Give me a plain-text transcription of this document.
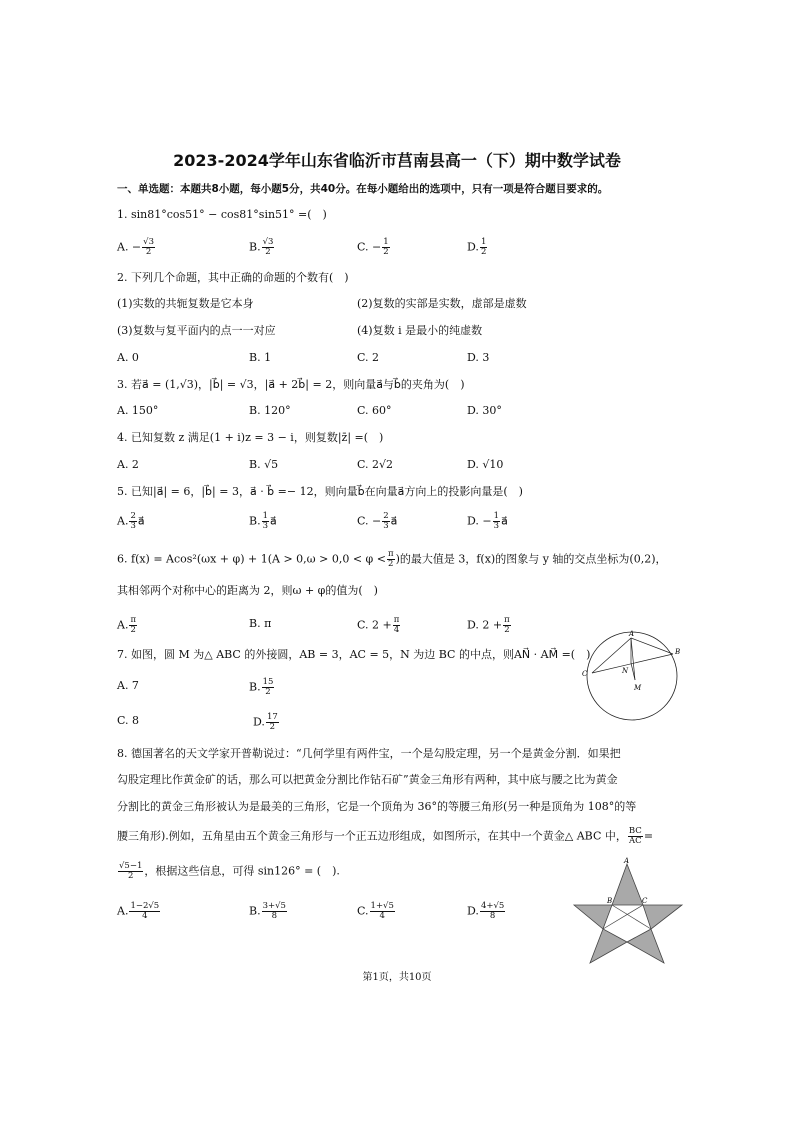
2023-2024学年山东省临沂市莒南县高一（下）期中数学试卷
一、单选题：本题共8小题，每小题5分，共40分。在每小题给出的选项中，只有一项是符合题目要求的。
1. sin81°cos51° − cos81°sin51° =(　)
A. − $\frac{√3}{2}$	B. $\frac{√3}{2}$	C. − $\frac{1}{2}$	D. $\frac{1}{2}$
2. 下列几个命题，其中正确的命题的个数有(　)
(1)实数的共轭复数是它本身	(2)复数的实部是实数，虚部是虚数
(3)复数与复平面内的点一一对应	(4)复数 i 是最小的纯虚数
A. 0	B. 1	C. 2	D. 3
3. 若a⃗ = (1,√3)，|b⃗| = √3，|a⃗ + 2b⃗| = 2，则向量a⃗与b⃗的夹角为(　)
A. 150°	B. 120°	C. 60°	D. 30°
4. 已知复数 z 满足(1 + i)z = 3 − i，则复数|z̄| =(　)
A. 2	B. √5	C. 2√2	D. √10
5. 已知|a⃗| = 6，|b⃗| = 3，a⃗ · b⃗ =− 12，则向量b⃗在向量a⃗方向上的投影向量是(　)
A. $\frac{2}{3}$ a⃗	B. $\frac{1}{3}$ a⃗	C. − $\frac{2}{3}$ a⃗	D. − $\frac{1}{3}$ a⃗
6. $f(x) = Acos^2(\omega x + \varphi) + 1(A > 0,\omega > 0,0 < \varphi < \frac{\pi}{2}$ )的最大值是 3，f(x)的图象与 y 轴的交点坐标为(0,2)，
其相邻两个对称中心的距离为 2，则ω + φ的值为(　)
A. $\frac{\pi}{2}$	B. π	C. $2 + \frac{\pi}{4}$	D. $2 + \frac{\pi}{2}$
7. 如图，圆 M 为△ ABC 的外接圆，AB = 3，AC = 5，N 为边 BC 的中点，则AN⃗ · AM⃗ =(　)
A. 7	B. $\frac{15}{2}$
C. 8	D. $\frac{17}{2}$
A
B
C	N
M
8. 德国著名的天文学家开普勒说过：“几何学里有两件宝，一个是勾股定理，另一个是黄金分割．如果把
勾股定理比作黄金矿的话，那么可以把黄金分割比作钻石矿”黄金三角形有两种，其中底与腰之比为黄金
分割比的黄金三角形被认为是最美的三角形，它是一个顶角为 36°的等腰三角形(另一种是顶角为 108°的等
腰三角形).例如，五角星由五个黄金三角形与一个正五边形组成，如图所示，在其中一个黄金△ ABC 中， $\frac{BC}{AC}$ =
$\frac{√5-1}{2}$ ，根据这些信息，可得 sin126° = (　).
A. $\frac{1-2√5}{4}$	B. $\frac{3+√5}{8}$	C. $\frac{1+√5}{4}$	D. $\frac{4+√5}{8}$
A
B	C
第1页，共10页
